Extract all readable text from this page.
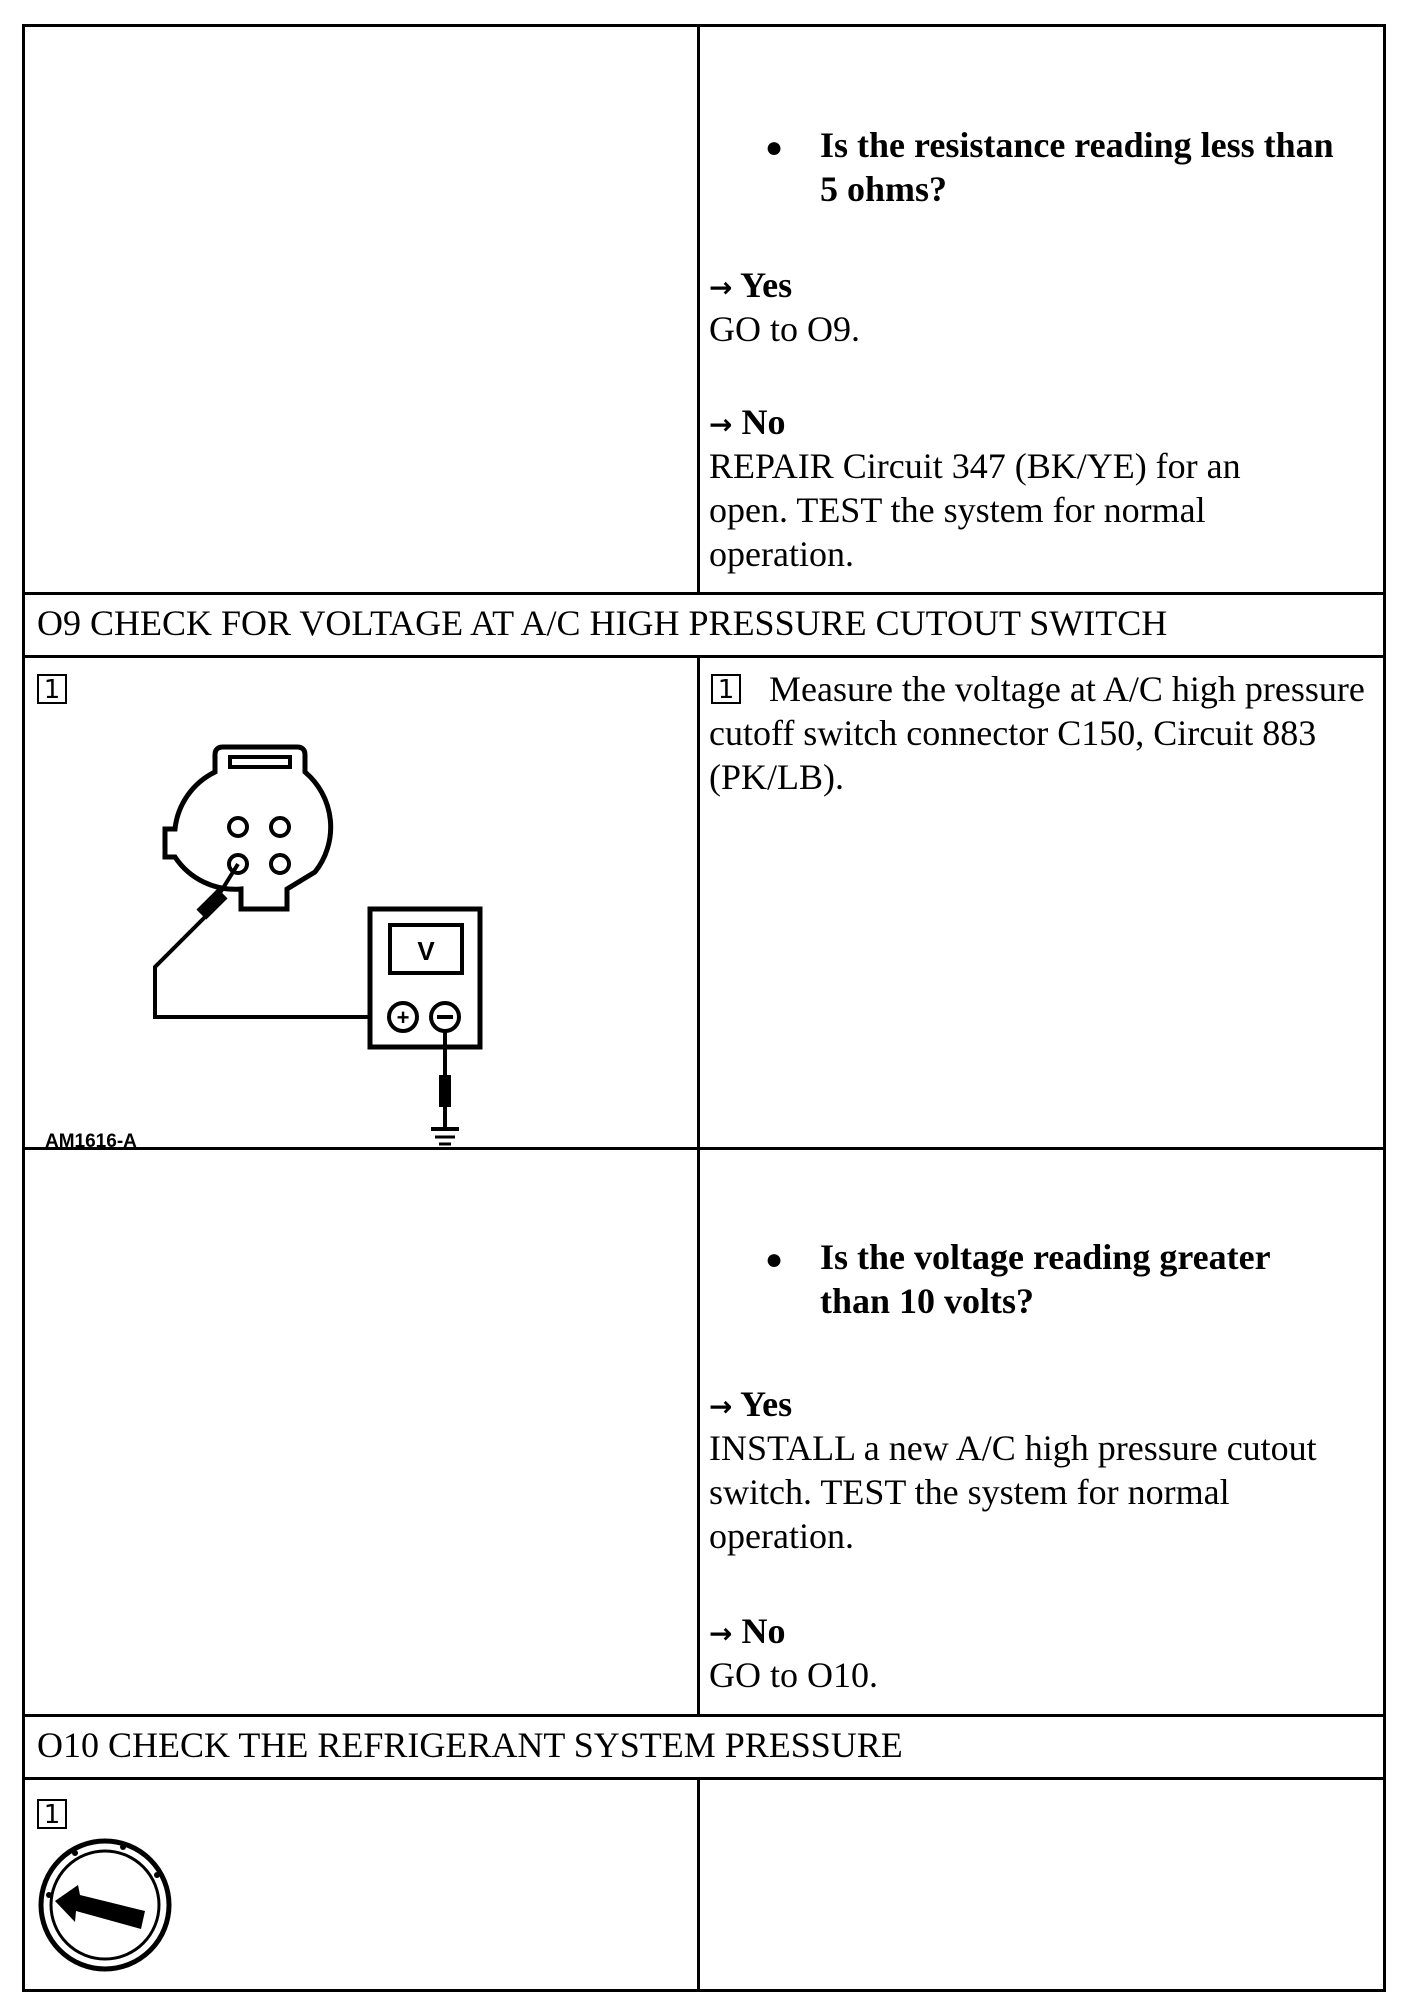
● Is the resistance reading less than 5 ohms?
→ Yes
GO to O9.
→ No
REPAIR Circuit 347 (BK/YE) for an open. TEST the system for normal operation.
O9 CHECK FOR VOLTAGE AT A/C HIGH PRESSURE CUTOUT SWITCH
1
V
+
AM1616-A
1 Measure the voltage at A/C high pressure cutoff switch connector C150, Circuit 883 (PK/LB).
● Is the voltage reading greater than 10 volts?
→ Yes
INSTALL a new A/C high pressure cutout switch. TEST the system for normal operation.
→ No
GO to O10.
O10 CHECK THE REFRIGERANT SYSTEM PRESSURE
1
